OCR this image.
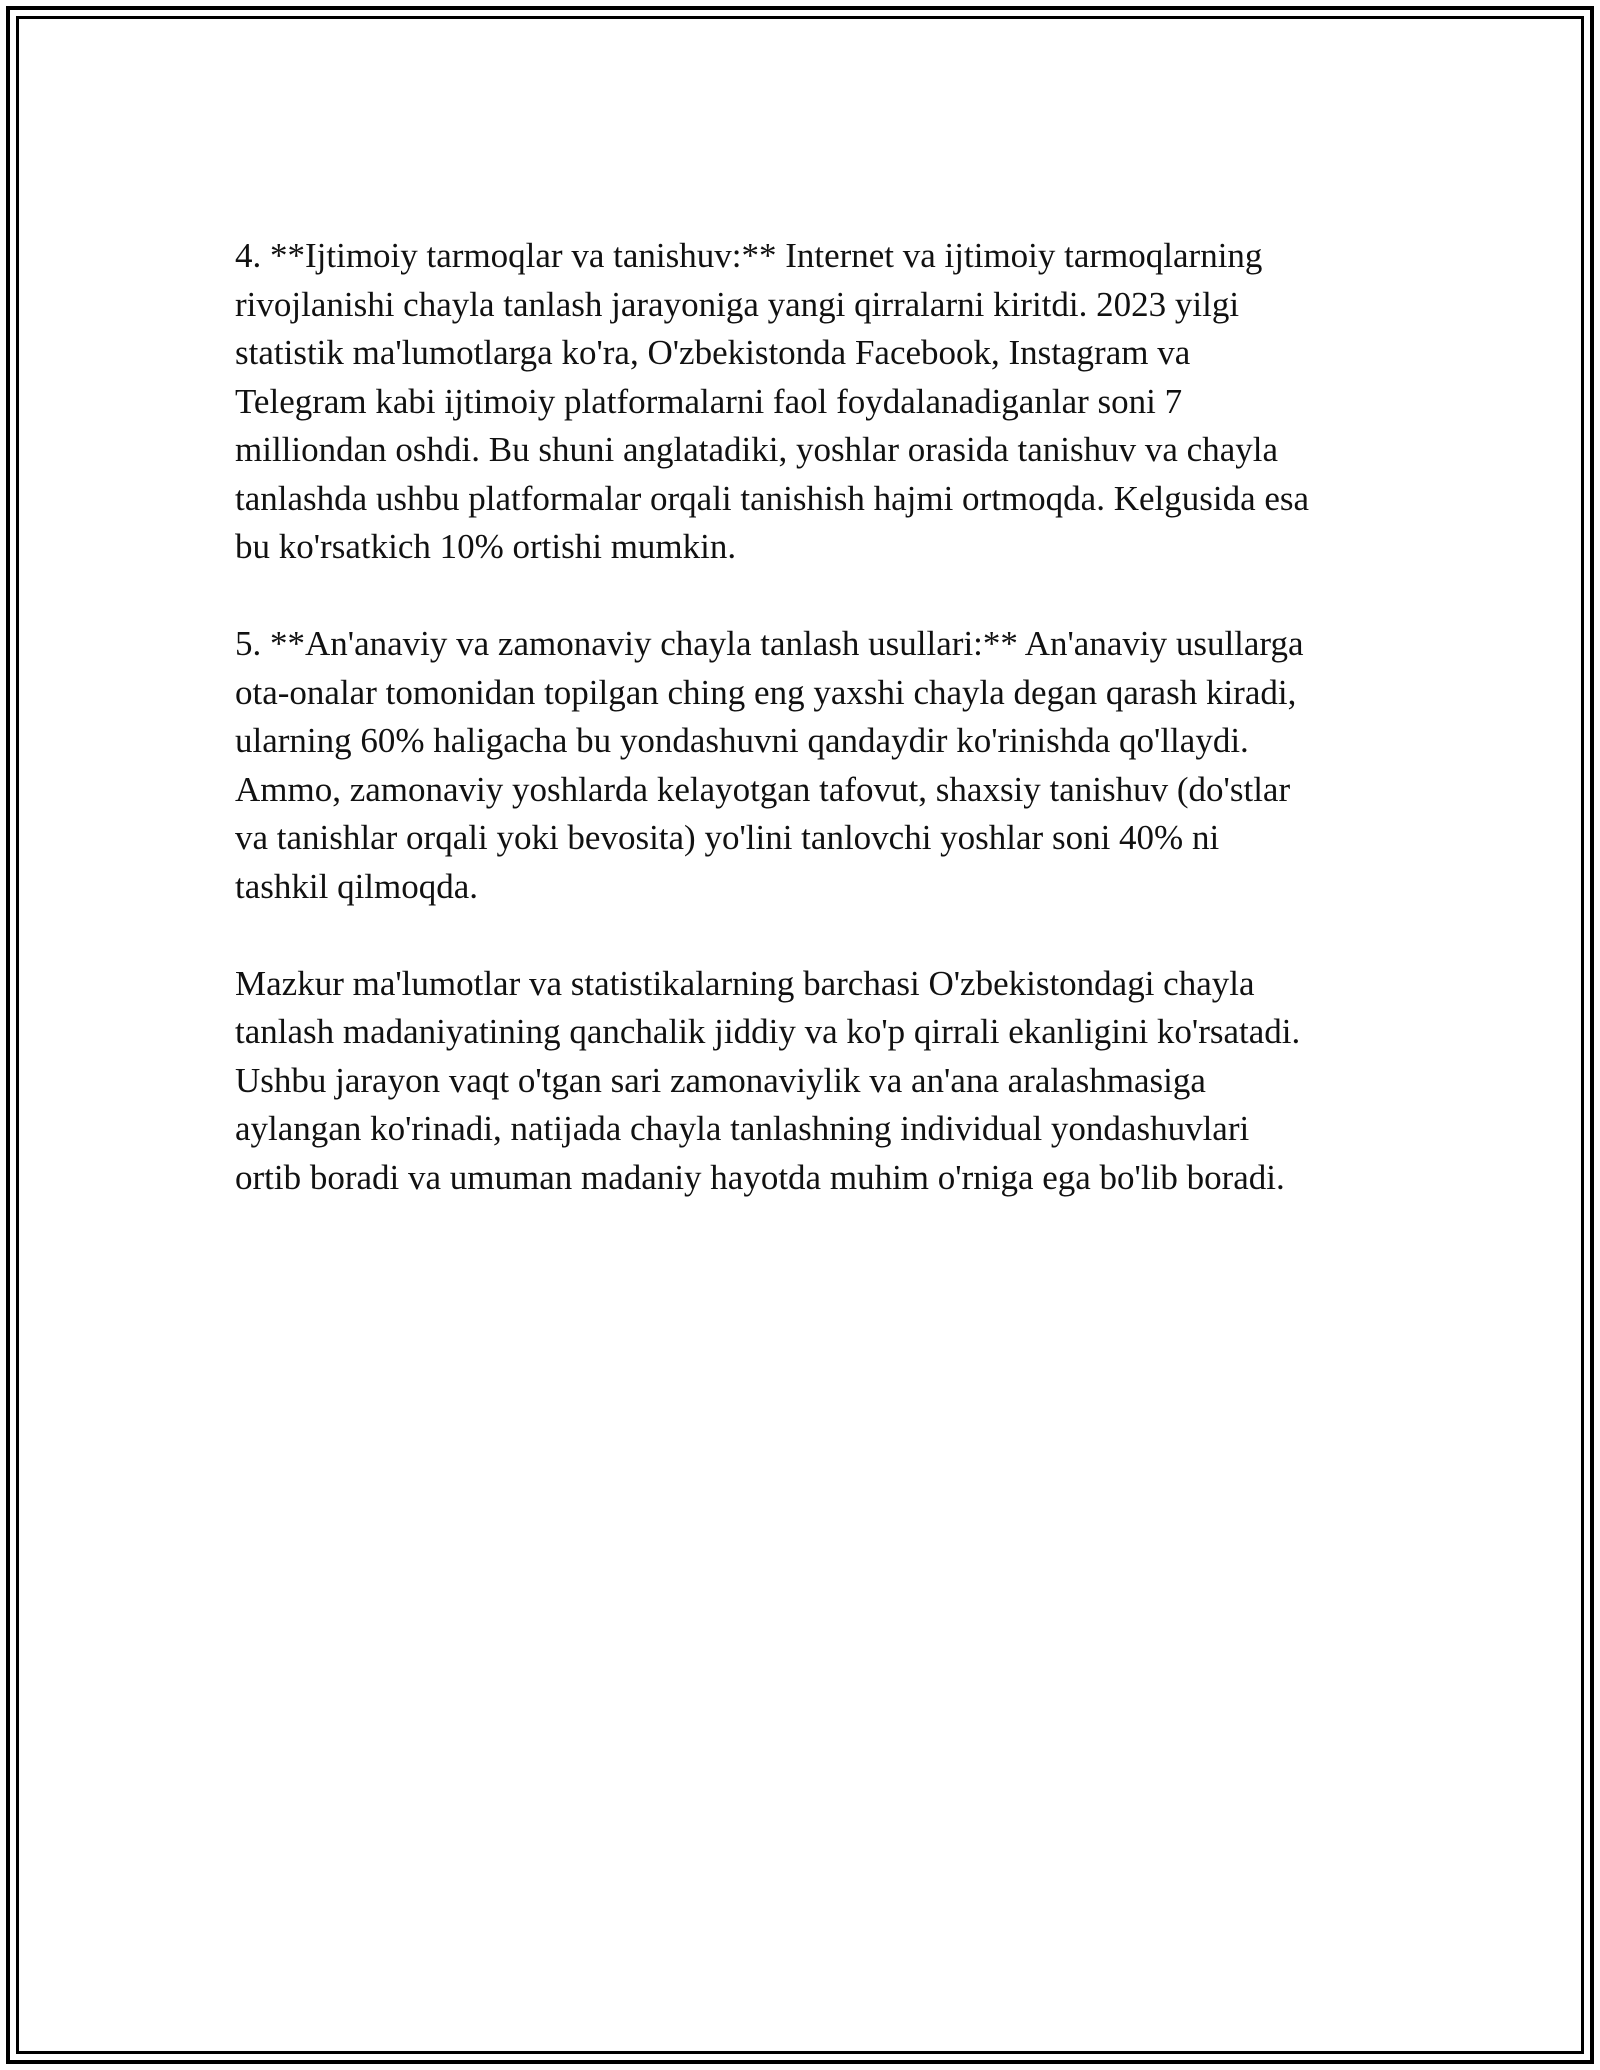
4. **Ijtimoiy tarmoqlar va tanishuv:** Internet va ijtimoiy tarmoqlarning
rivojlanishi chayla tanlash jarayoniga yangi qirralarni kiritdi. 2023 yilgi
statistik ma'lumotlarga ko'ra, O'zbekistonda Facebook, Instagram va
Telegram kabi ijtimoiy platformalarni faol foydalanadiganlar soni 7
milliondan oshdi. Bu shuni anglatadiki, yoshlar orasida tanishuv va chayla
tanlashda ushbu platformalar orqali tanishish hajmi ortmoqda. Kelgusida esa
bu ko'rsatkich 10% ortishi mumkin.

5. **An'anaviy va zamonaviy chayla tanlash usullari:** An'anaviy usullarga
ota-onalar tomonidan topilgan ching eng yaxshi chayla degan qarash kiradi,
ularning 60% haligacha bu yondashuvni qandaydir ko'rinishda qo'llaydi.
Ammo, zamonaviy yoshlarda kelayotgan tafovut, shaxsiy tanishuv (do'stlar
va tanishlar orqali yoki bevosita) yo'lini tanlovchi yoshlar soni 40% ni
tashkil qilmoqda.

Mazkur ma'lumotlar va statistikalarning barchasi O'zbekistondagi chayla
tanlash madaniyatining qanchalik jiddiy va ko'p qirrali ekanligini ko'rsatadi.
Ushbu jarayon vaqt o'tgan sari zamonaviylik va an'ana aralashmasiga
aylangan ko'rinadi, natijada chayla tanlashning individual yondashuvlari
ortib boradi va umuman madaniy hayotda muhim o'rniga ega bo'lib boradi.
